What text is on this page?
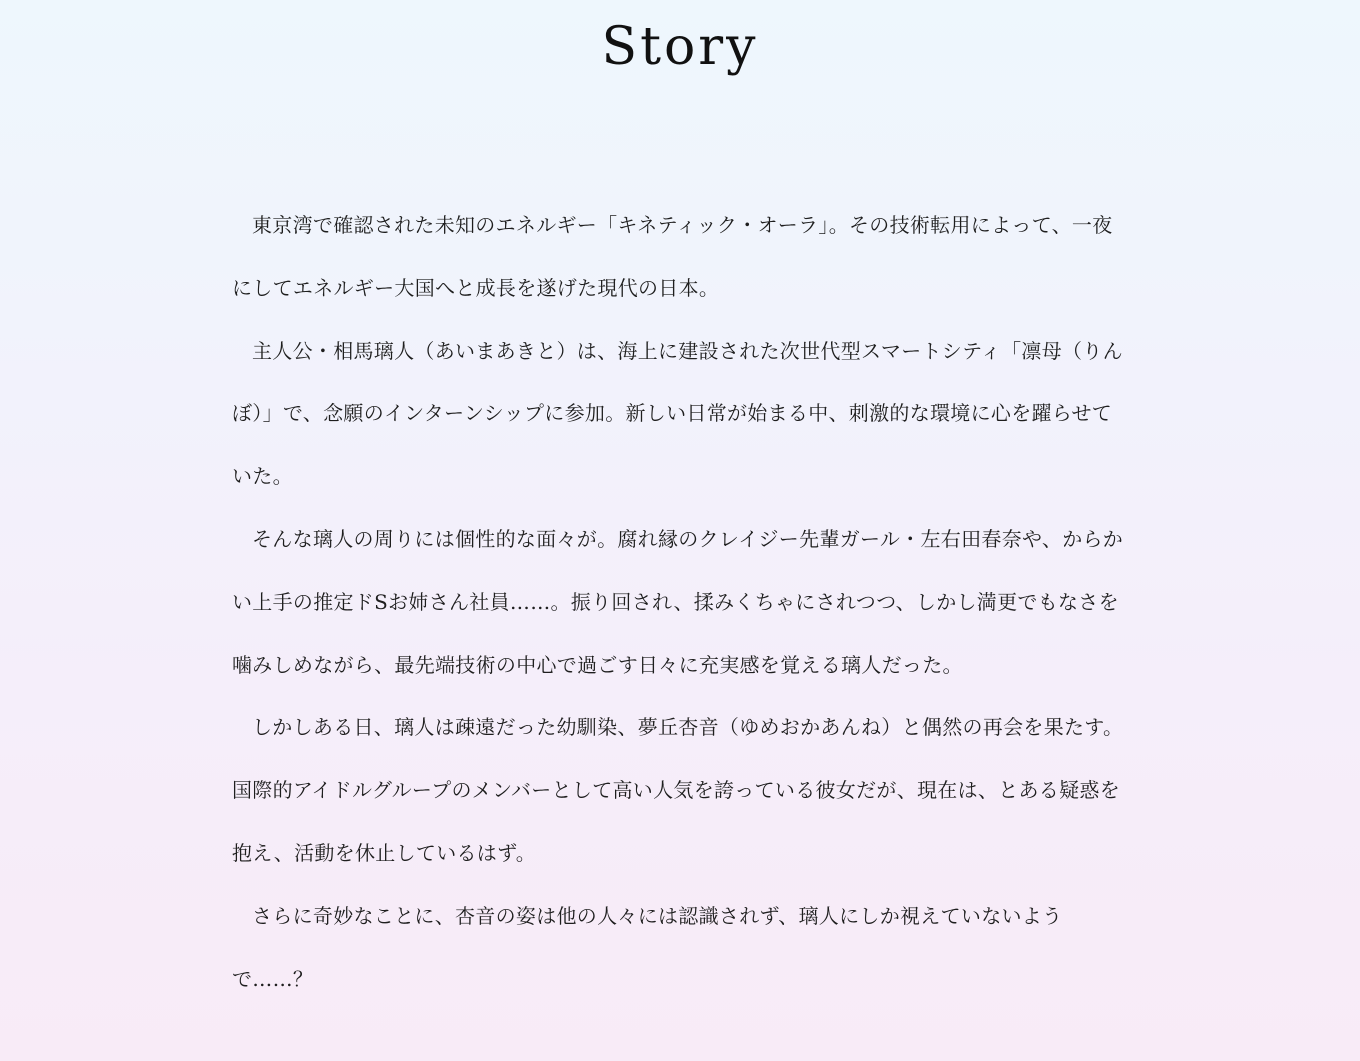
Story

東京湾で確認された未知のエネルギー「キネティック・オーラ」。その技術転用によって、一夜にしてエネルギー大国へと成長を遂げた現代の日本。

主人公・相馬璃人（あいまあきと）は、海上に建設された次世代型スマートシティ「凛母（りんぼ）」で、念願のインターンシップに参加。新しい日常が始まる中、刺激的な環境に心を躍らせていた。

そんな璃人の周りには個性的な面々が。腐れ縁のクレイジー先輩ガール・左右田春奈や、からかい上手の推定ドSお姉さん社員……。振り回され、揉みくちゃにされつつ、しかし満更でもなさを噛みしめながら、最先端技術の中心で過ごす日々に充実感を覚える璃人だった。

しかしある日、璃人は疎遠だった幼馴染、夢丘杏音（ゆめおかあんね）と偶然の再会を果たす。国際的アイドルグループのメンバーとして高い人気を誇っている彼女だが、現在は、とある疑惑を抱え、活動を休止しているはず。

さらに奇妙なことに、杏音の姿は他の人々には認識されず、璃人にしか視えていないようで……？
